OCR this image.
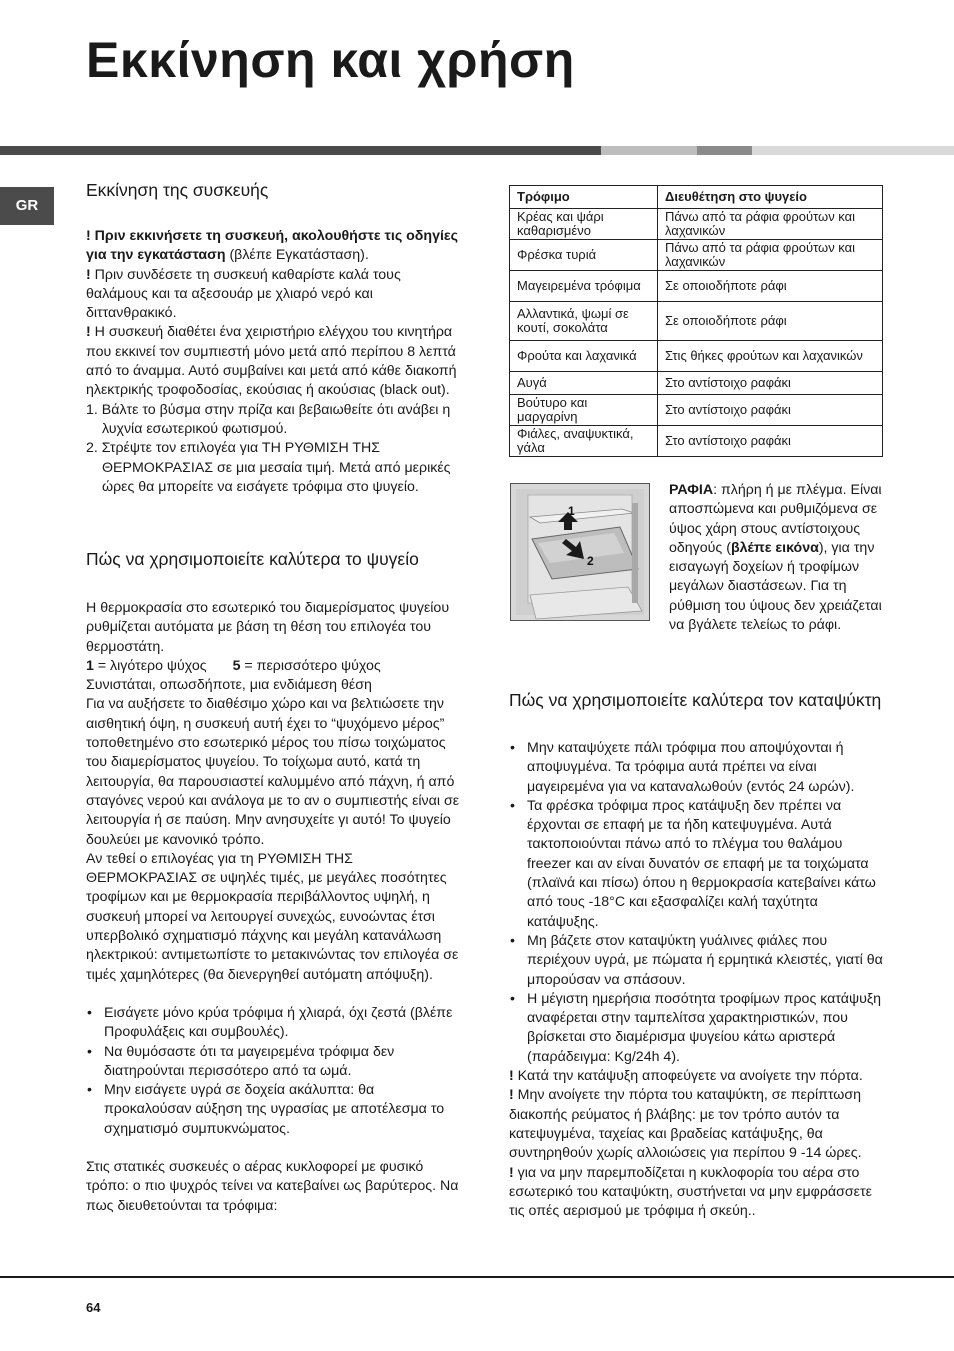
Εκκίνηση και χρήση
GR
Εκκίνηση της συσκευής

! Πριν εκκινήσετε τη συσκευή, ακολουθήστε τις οδηγίες για την εγκατάσταση (βλέπε Εγκατάσταση).

! Πριν συνδέσετε τη συσκευή καθαρίστε καλά τους θαλάμους και τα αξεσουάρ με χλιαρό νερό και διττανθρακικό.

! Η συσκευή διαθέτει ένα χειριστήριο ελέγχου του κινητήρα που εκκινεί τον συμπιεστή μόνο μετά από περίπου 8 λεπτά από το άναμμα. Αυτό συμβαίνει και μετά από κάθε διακοπή ηλεκτρικής τροφοδοσίας, εκούσιας ή ακούσιας (black out).

1. Βάλτε το βύσμα στην πρίζα και βεβαιωθείτε ότι ανάβει η λυχνία εσωτερικού φωτισμού.

2. Στρέψτε τον επιλογέα για ΤΗ ΡΥΘΜΙΣΗ ΤΗΣ ΘΕΡΜΟΚΡΑΣΙΑΣ σε μια μεσαία τιμή. Μετά από μερικές ώρες θα μπορείτε να εισάγετε τρόφιμα στο ψυγείο.

Πώς να χρησιμοποιείτε καλύτερα το ψυγείο

Η θερμοκρασία στο εσωτερικό του διαμερίσματος ψυγείου ρυθμίζεται αυτόματα με βάση τη θέση του επιλογέα του θερμοστάτη.

1 = λιγότερο ψύχος 5 = περισσότερο ψύχος

Συνιστάται, οπωσδήποτε, μια ενδιάμεση θέση

Για να αυξήσετε το διαθέσιμο χώρο και να βελτιώσετε την αισθητική όψη, η συσκευή αυτή έχει το “ψυχόμενο μέρος” τοποθετημένο στο εσωτερικό μέρος του πίσω τοιχώματος του διαμερίσματος ψυγείου. Το τοίχωμα αυτό, κατά τη λειτουργία, θα παρουσιαστεί καλυμμένο από πάχνη, ή από σταγόνες νερού και ανάλογα με το αν ο συμπιεστής είναι σε λειτουργία ή σε παύση. Μην ανησυχείτε γι αυτό! Το ψυγείο δουλεύει με κανονικό τρόπο.

Αν τεθεί ο επιλογέας για τη ΡΥΘΜΙΣΗ ΤΗΣ ΘΕΡΜΟΚΡΑΣΙΑΣ σε υψηλές τιμές, με μεγάλες ποσότητες τροφίμων και με θερμοκρασία περιβάλλοντος υψηλή, η συσκευή μπορεί να λειτουργεί συνεχώς, ευνοώντας έτσι υπερβολικό σχηματισμό πάχνης και μεγάλη κατανάλωση ηλεκτρικού: αντιμετωπίστε το μετακινώντας τον επιλογέα σε τιμές χαμηλότερες (θα διενεργηθεί αυτόματη απόψυξη).

• Εισάγετε μόνο κρύα τρόφιμα ή χλιαρά, όχι ζεστά (βλέπε Προφυλάξεις και συμβουλές).
• Να θυμόσαστε ότι τα μαγειρεμένα τρόφιμα δεν διατηρούνται περισσότερο από τα ωμά.
• Μην εισάγετε υγρά σε δοχεία ακάλυπτα: θα προκαλούσαν αύξηση της υγρασίας με αποτέλεσμα το σχηματισμό συμπυκνώματος.

Στις στατικές συσκευές ο αέρας κυκλοφορεί με φυσικό τρόπο: ο πιο ψυχρός τείνει να κατεβαίνει ως βαρύτερος. Να πως διευθετούνται τα τρόφιμα:

Τρόφιμο	Διευθέτηση στο ψυγείο
Κρέας και ψάρι καθαρισμένο	Πάνω από τα ράφια φρούτων και λαχανικών
Φρέσκα τυριά	Πάνω από τα ράφια φρούτων και λαχανικών
Μαγειρεμένα τρόφιμα	Σε οποιοδήποτε ράφι
Αλλαντικά, ψωμί σε κουτί, σοκολάτα	Σε οποιοδήποτε ράφι
Φρούτα και λαχανικά	Στις θήκες φρούτων και λαχανικών
Αυγά	Στο αντίστοιχο ραφάκι
Βούτυρο και μαργαρίνη	Στο αντίστοιχο ραφάκι
Φιάλες, αναψυκτικά, γάλα	Στο αντίστοιχο ραφάκι
1
2

ΡΑΦΙΑ: πλήρη ή με πλέγμα. Είναι αποσπώμενα και ρυθμιζόμενα σε ύψος χάρη στους αντίστοιχους οδηγούς (βλέπε εικόνα), για την εισαγωγή δοχείων ή τροφίμων μεγάλων διαστάσεων. Για τη ρύθμιση του ύψους δεν χρειάζεται να βγάλετε τελείως το ράφι.

Πώς να χρησιμοποιείτε καλύτερα τον καταψύκτη
• Μην καταψύχετε πάλι τρόφιμα που αποψύχονται ή αποψυγμένα. Τα τρόφιμα αυτά πρέπει να είναι μαγειρεμένα για να καταναλωθούν (εντός 24 ωρών).
• Τα φρέσκα τρόφιμα προς κατάψυξη δεν πρέπει να έρχονται σε επαφή με τα ήδη κατεψυγμένα. Αυτά τακτοποιούνται πάνω από το πλέγμα του θαλάμου freezer και αν είναι δυνατόν σε επαφή με τα τοιχώματα (πλαϊνά και πίσω) όπου η θερμοκρασία κατεβαίνει κάτω από τους -18°C και εξασφαλίζει καλή ταχύτητα κατάψυξης.
• Μη βάζετε στον καταψύκτη γυάλινες φιάλες που περιέχουν υγρά, με πώματα ή ερμητικά κλειστές, γιατί θα μπορούσαν να σπάσουν.
• Η μέγιστη ημερήσια ποσότητα τροφίμων προς κατάψυξη αναφέρεται στην ταμπελίτσα χαρακτηριστικών, που βρίσκεται στο διαμέρισμα ψυγείου κάτω αριστερά (παράδειγμα: Kg/24h 4).

! Κατά την κατάψυξη αποφεύγετε να ανοίγετε την πόρτα.

! Μην ανοίγετε την πόρτα του καταψύκτη, σε περίπτωση διακοπής ρεύματος ή βλάβης: με τον τρόπο αυτόν τα κατεψυγμένα, ταχείας και βραδείας κατάψυξης, θα συντηρηθούν χωρίς αλλοιώσεις για περίπου 9 -14 ώρες.

! για να μην παρεμποδίζεται η κυκλοφορία του αέρα στο εσωτερικό του καταψύκτη, συστήνεται να μην εμφράσσετε τις οπές αερισμού με τρόφιμα ή σκεύη..

64
